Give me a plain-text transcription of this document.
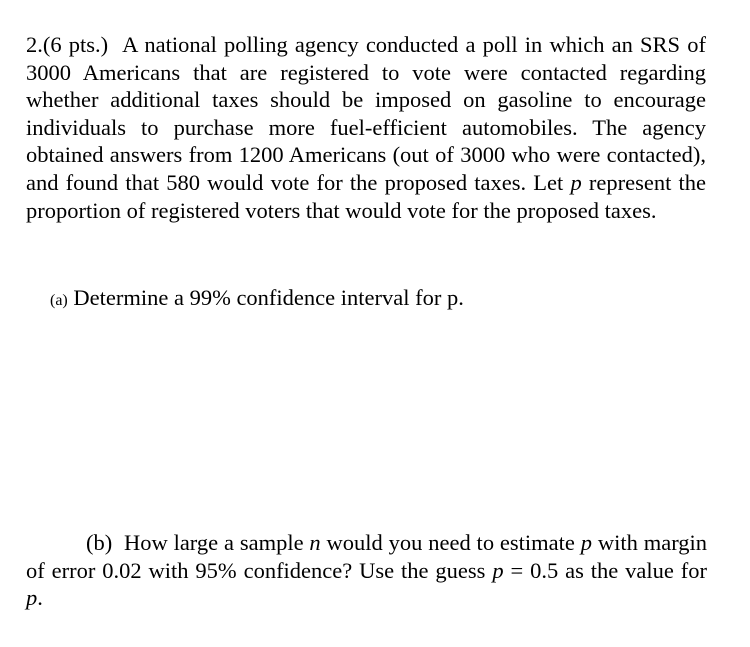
2.(6 pts.) A national polling agency conducted a poll in which an SRS of 3000 Americans that are registered to vote were contacted regarding whether additional taxes should be imposed on gasoline to encourage individuals to purchase more fuel-efficient automobiles. The agency obtained answers from 1200 Americans (out of 3000 who were contacted), and found that 580 would vote for the proposed taxes. Let p represent the proportion of registered voters that would vote for the proposed taxes.
(a) Determine a 99% confidence interval for p.
(b) How large a sample n would you need to estimate p with margin of error 0.02 with 95% confidence? Use the guess p = 0.5 as the value for p.
